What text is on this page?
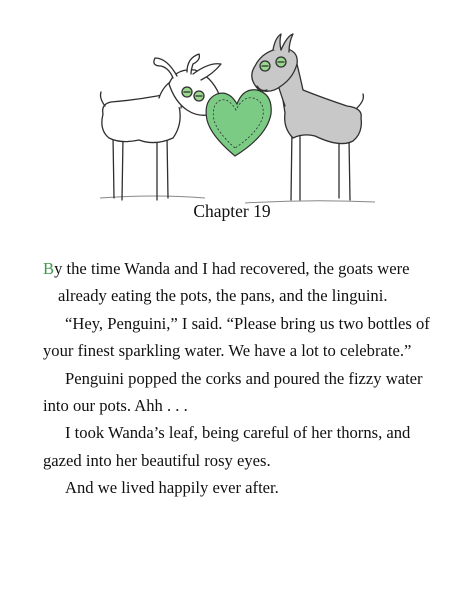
Chapter 19

By the time Wanda and I had recovered, the goats were already eating the pots, the pans, and the linguini.

“Hey, Penguini,” I said. “Please bring us two bottles of your finest sparkling water. We have a lot to celebrate.”

Penguini popped the corks and poured the fizzy water into our pots. Ahh . . .

I took Wanda’s leaf, being careful of her thorns, and gazed into her beautiful rosy eyes.

And we lived happily ever after.
